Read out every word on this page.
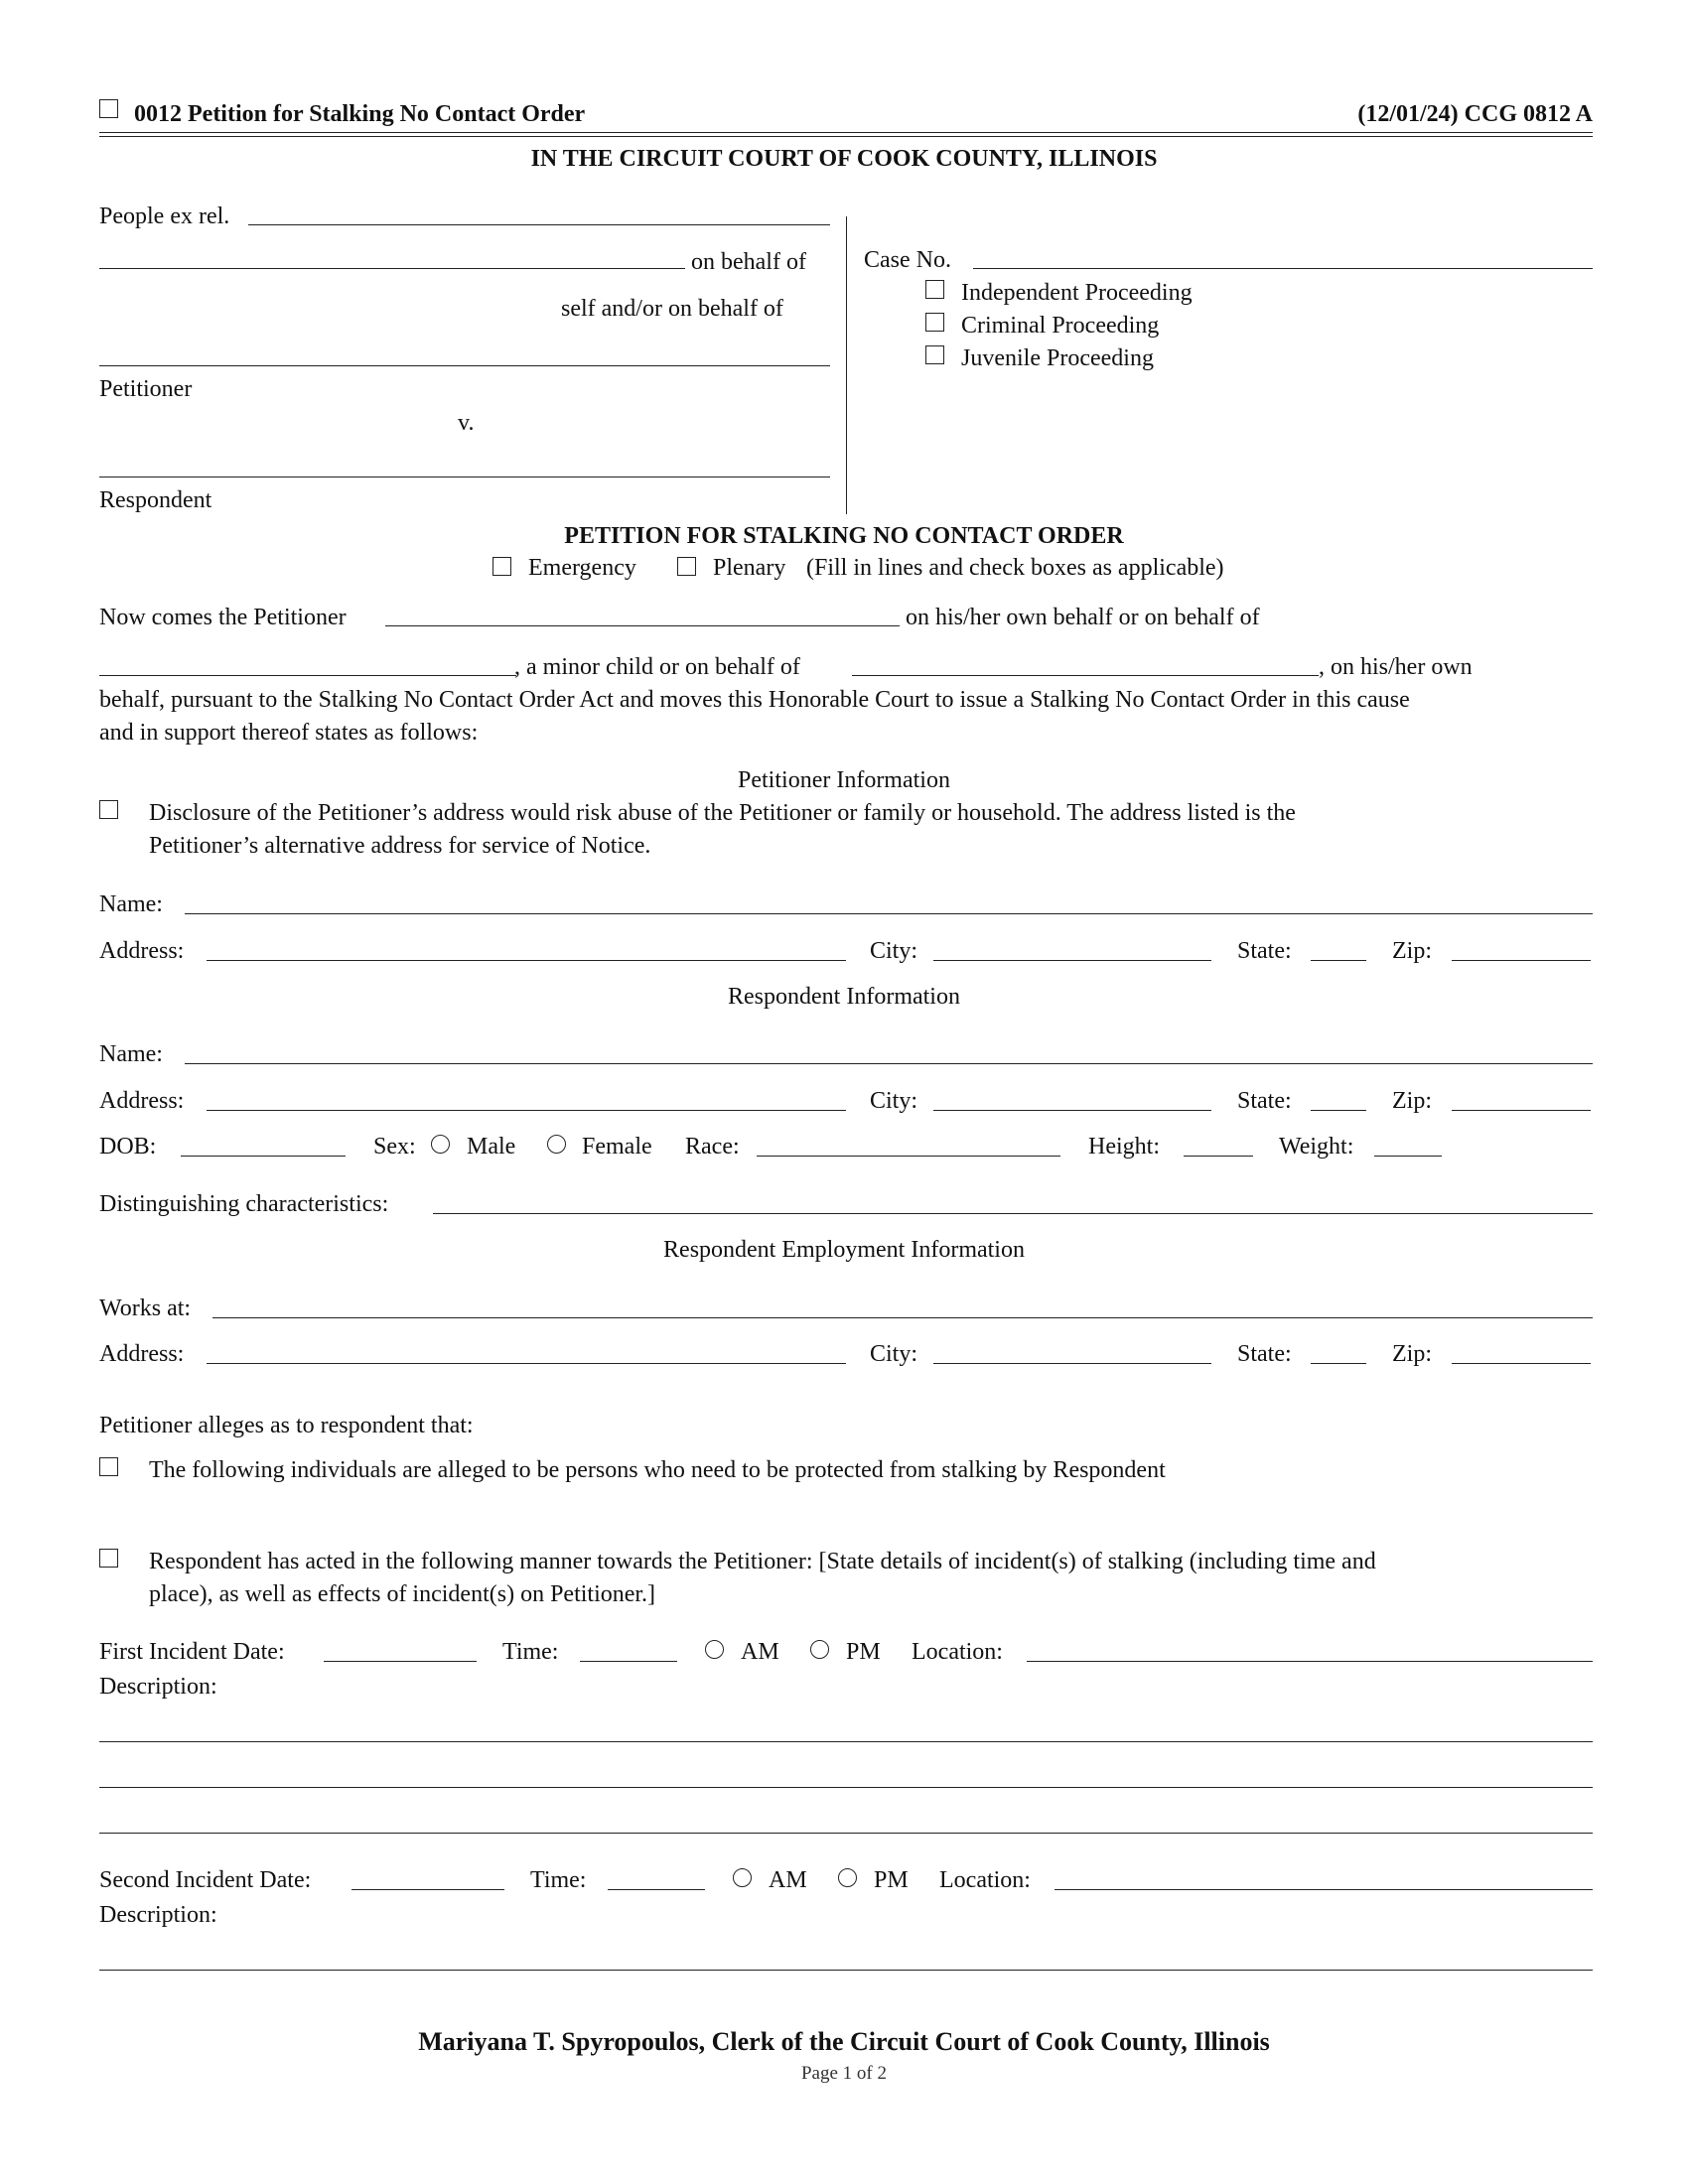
0012 Petition for Stalking No Contact Order	(12/01/24) CCG 0812 A
IN THE CIRCUIT COURT OF COOK COUNTY, ILLINOIS
People ex rel.
on behalf of
self and/or on behalf of
Petitioner
v.
Respondent
Case No.
Independent Proceeding
Criminal Proceeding
Juvenile Proceeding
PETITION FOR STALKING NO CONTACT ORDER
Emergency	Plenary (Fill in lines and check boxes as applicable)
Now comes the Petitioner	on his/her own behalf or on behalf of
, a minor child or on behalf of	, on his/her own
behalf, pursuant to the Stalking No Contact Order Act and moves this Honorable Court to issue a Stalking No Contact Order in this cause
and in support thereof states as follows:
Petitioner Information
Disclosure of the Petitioner’s address would risk abuse of the Petitioner or family or household. The address listed is the
Petitioner’s alternative address for service of Notice.
Name:
Address:	City:	State:	Zip:
Respondent Information
Name:
Address:	City:	State:	Zip:
DOB:	Sex: Male	Female Race:	Height:	Weight:
Distinguishing characteristics:
Respondent Employment Information
Works at:
Address:	City:	State:	Zip:
Petitioner alleges as to respondent that:
The following individuals are alleged to be persons who need to be protected from stalking by Respondent
Respondent has acted in the following manner towards the Petitioner: [State details of incident(s) of stalking (including time and
place), as well as effects of incident(s) on Petitioner.]
First Incident Date:	Time:	AM	PM Location:
Description:
Second Incident Date:	Time:	AM	PM Location:
Description:
Mariyana T. Spyropoulos, Clerk of the Circuit Court of Cook County, Illinois
Page 1 of 2
